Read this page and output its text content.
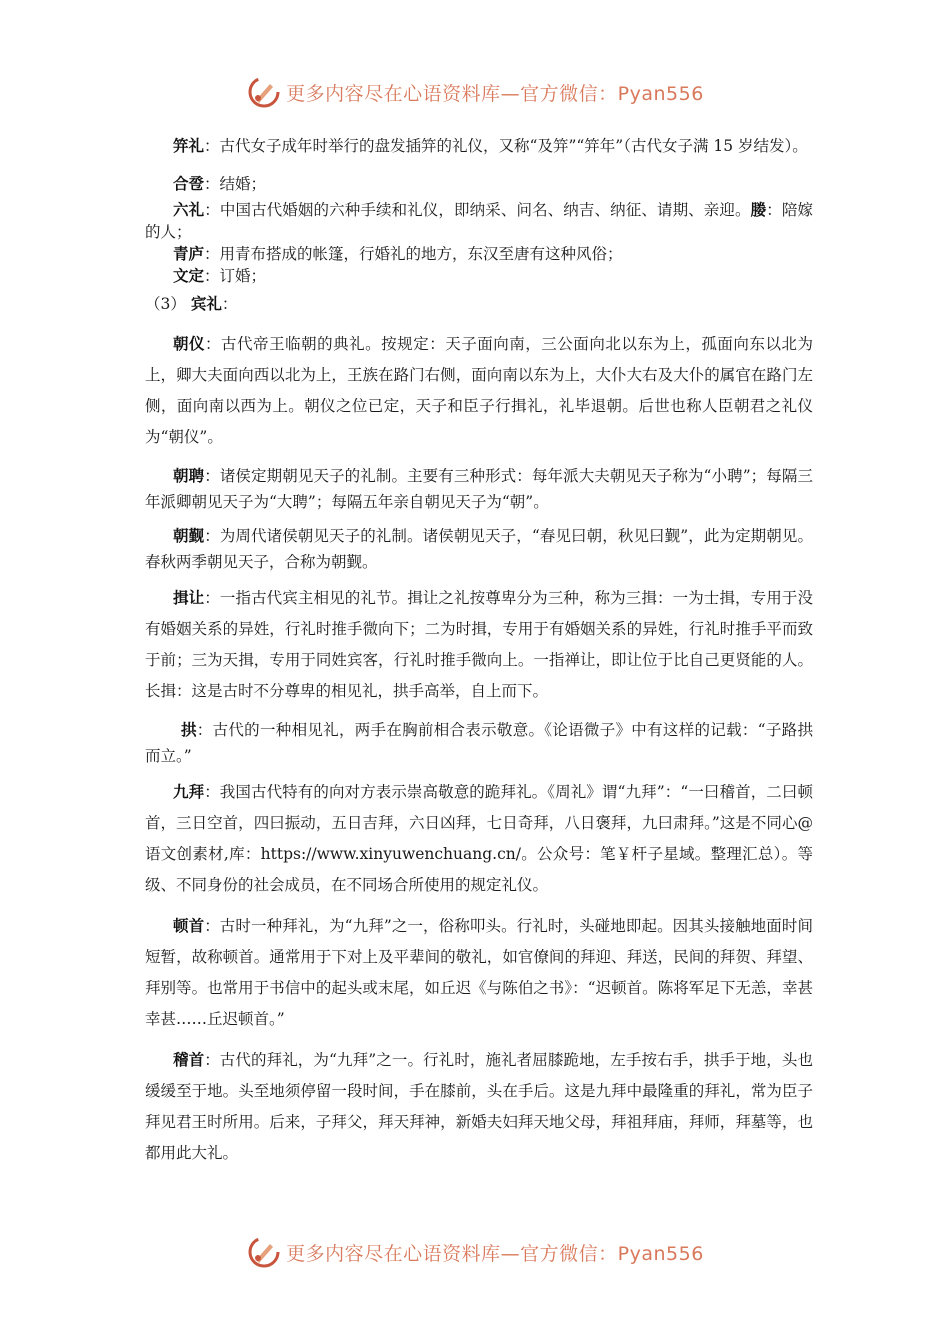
更多内容尽在心语资料库—官方微信：Pyan556

笄礼：古代女子成年时举行的盘发插笄的礼仪，又称“及笄”“笄年”（古代女子满 15 岁结发）。

合卺：结婚；

六礼：中国古代婚姻的六种手续和礼仪，即纳采、问名、纳吉、纳征、请期、亲迎。媵：陪嫁的人；

青庐：用青布搭成的帐篷，行婚礼的地方，东汉至唐有这种风俗；

文定：订婚；

（3） 宾礼：

朝仪：古代帝王临朝的典礼。按规定：天子面向南，三公面向北以东为上，孤面向东以北为上，卿大夫面向西以北为上，王族在路门右侧，面向南以东为上，大仆大右及大仆的属官在路门左侧，面向南以西为上。朝仪之位已定，天子和臣子行揖礼，礼毕退朝。后世也称人臣朝君之礼仪为“朝仪”。

朝聘：诸侯定期朝见天子的礼制。主要有三种形式：每年派大夫朝见天子称为“小聘”；每隔三年派卿朝见天子为“大聘”；每隔五年亲自朝见天子为“朝”。

朝觐：为周代诸侯朝见天子的礼制。诸侯朝见天子，“春见曰朝，秋见曰觐”，此为定期朝见。春秋两季朝见天子，合称为朝觐。

揖让：一指古代宾主相见的礼节。揖让之礼按尊卑分为三种，称为三揖：一为士揖，专用于没有婚姻关系的异姓，行礼时推手微向下；二为时揖，专用于有婚姻关系的异姓，行礼时推手平而致于前；三为天揖，专用于同姓宾客，行礼时推手微向上。一指禅让，即让位于比自己更贤能的人。长揖：这是古时不分尊卑的相见礼，拱手高举，自上而下。

拱：古代的一种相见礼，两手在胸前相合表示敬意。《论语微子》中有这样的记载：“子路拱而立。”

九拜：我国古代特有的向对方表示崇高敬意的跪拜礼。《周礼》谓“九拜”：“一曰稽首，二曰顿首，三日空首，四曰振动，五日吉拜，六日凶拜，七日奇拜，八日褒拜，九曰肃拜。”这是不同心@语文创素材,库：https://www.xinyuwenchuang.cn/。公众号：笔￥杆子星域。整理汇总）。等级、不同身份的社会成员，在不同场合所使用的规定礼仪。

顿首：古时一种拜礼，为“九拜”之一，俗称叩头。行礼时，头碰地即起。因其头接触地面时间短暂，故称顿首。通常用于下对上及平辈间的敬礼，如官僚间的拜迎、拜送，民间的拜贺、拜望、拜别等。也常用于书信中的起头或末尾，如丘迟《与陈伯之书》：“迟顿首。陈将军足下无恙，幸甚幸甚……丘迟顿首。”

稽首：古代的拜礼，为“九拜”之一。行礼时，施礼者屈膝跪地，左手按右手，拱手于地，头也缓缓至于地。头至地须停留一段时间，手在膝前，头在手后。这是九拜中最隆重的拜礼，常为臣子拜见君王时所用。后来，子拜父，拜天拜神，新婚夫妇拜天地父母，拜祖拜庙，拜师，拜墓等，也都用此大礼。

更多内容尽在心语资料库—官方微信：Pyan556
